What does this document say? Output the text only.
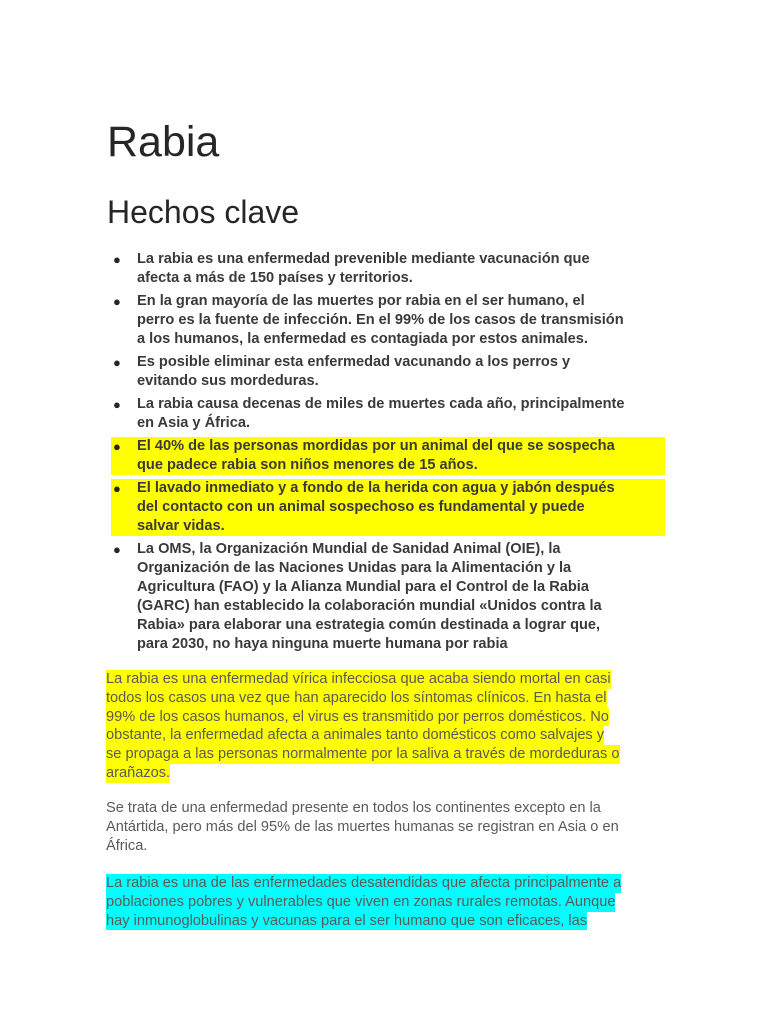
Rabia
Hechos clave
● La rabia es una enfermedad prevenible mediante vacunación que
afecta a más de 150 países y territorios.
● En la gran mayoría de las muertes por rabia en el ser humano, el
perro es la fuente de infección. En el 99% de los casos de transmisión
a los humanos, la enfermedad es contagiada por estos animales.
● Es posible eliminar esta enfermedad vacunando a los perros y
evitando sus mordeduras.
● La rabia causa decenas de miles de muertes cada año, principalmente
en Asia y África.
● El 40% de las personas mordidas por un animal del que se sospecha
que padece rabia son niños menores de 15 años.
● El lavado inmediato y a fondo de la herida con agua y jabón después
del contacto con un animal sospechoso es fundamental y puede
salvar vidas.
● La OMS, la Organización Mundial de Sanidad Animal (OIE), la
Organización de las Naciones Unidas para la Alimentación y la
Agricultura (FAO) y la Alianza Mundial para el Control de la Rabia
(GARC) han establecido la colaboración mundial «Unidos contra la
Rabia» para elaborar una estrategia común destinada a lograr que,
para 2030, no haya ninguna muerte humana por rabia

La rabia es una enfermedad vírica infecciosa que acaba siendo mortal en casi
todos los casos una vez que han aparecido los síntomas clínicos. En hasta el
99% de los casos humanos, el virus es transmitido por perros domésticos. No
obstante, la enfermedad afecta a animales tanto domésticos como salvajes y
se propaga a las personas normalmente por la saliva a través de mordeduras o
arañazos.

Se trata de una enfermedad presente en todos los continentes excepto en la
Antártida, pero más del 95% de las muertes humanas se registran en Asia o en
África.

La rabia es una de las enfermedades desatendidas que afecta principalmente a
poblaciones pobres y vulnerables que viven en zonas rurales remotas. Aunque
hay inmunoglobulinas y vacunas para el ser humano que son eficaces, las
